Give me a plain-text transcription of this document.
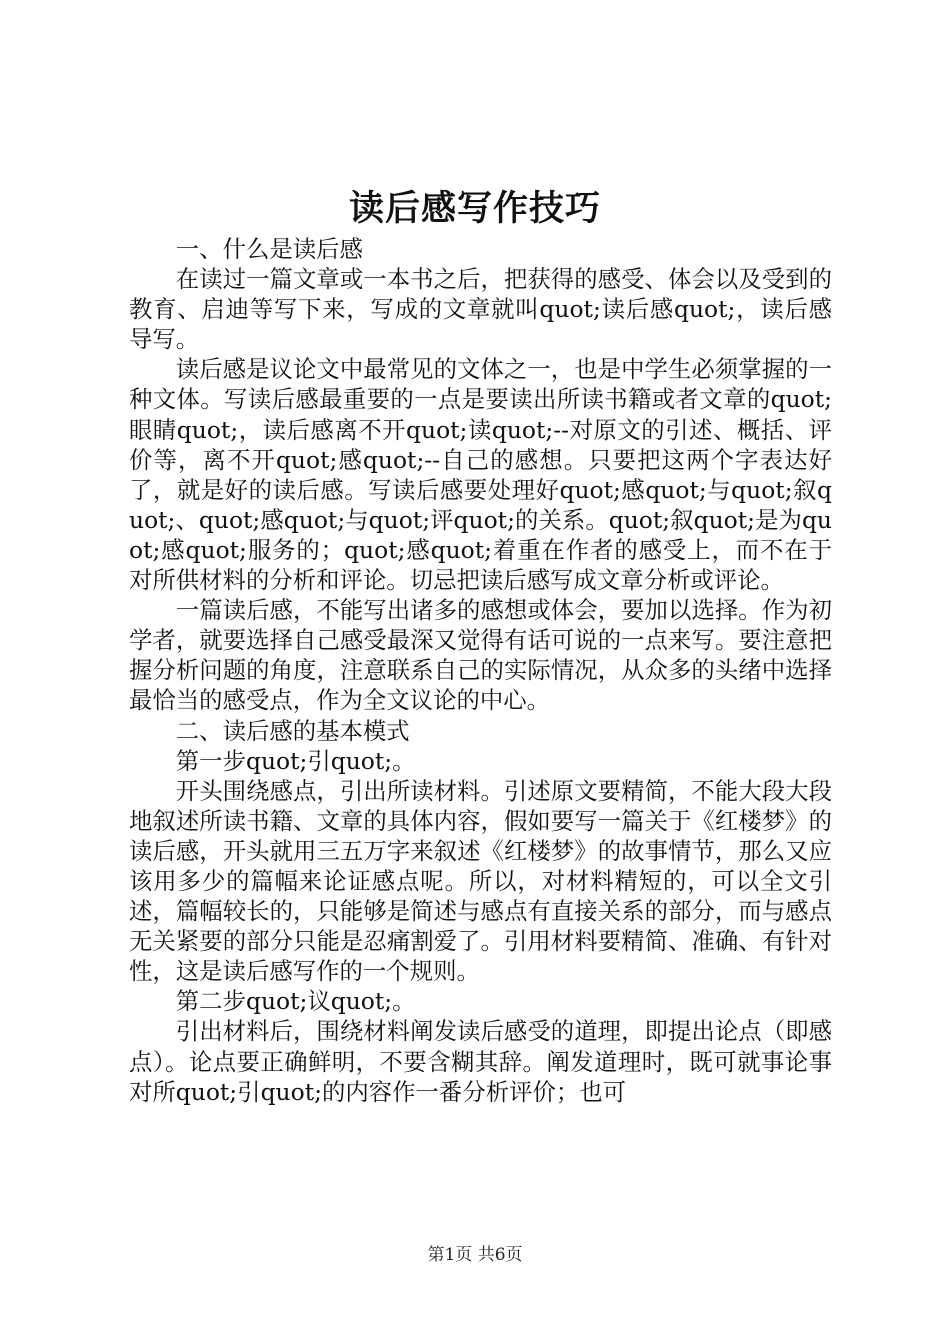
读后感写作技巧

一、什么是读后感

在读过一篇文章或一本书之后，把获得的感受、体会以及受到的教育、启迪等写下来，写成的文章就叫quot;读后感quot;，读后感导写。

读后感是议论文中最常见的文体之一，也是中学生必须掌握的一种文体。写读后感最重要的一点是要读出所读书籍或者文章的quot;眼睛quot;，读后感离不开quot;读quot;--对原文的引述、概括、评价等，离不开quot;感quot;--自己的感想。只要把这两个字表达好了，就是好的读后感。写读后感要处理好quot;感quot;与quot;叙quot;、quot;感quot;与quot;评quot;的关系。quot;叙quot;是为quot;感quot;服务的；quot;感quot;着重在作者的感受上，而不在于对所供材料的分析和评论。切忌把读后感写成文章分析或评论。

一篇读后感，不能写出诸多的感想或体会，要加以选择。作为初学者，就要选择自己感受最深又觉得有话可说的一点来写。要注意把握分析问题的角度，注意联系自己的实际情况，从众多的头绪中选择最恰当的感受点，作为全文议论的中心。

二、读后感的基本模式

第一步quot;引quot;。

开头围绕感点，引出所读材料。引述原文要精简，不能大段大段地叙述所读书籍、文章的具体内容，假如要写一篇关于《红楼梦》的读后感，开头就用三五万字来叙述《红楼梦》的故事情节，那么又应该用多少的篇幅来论证感点呢。所以，对材料精短的，可以全文引述，篇幅较长的，只能够是简述与感点有直接关系的部分，而与感点无关紧要的部分只能是忍痛割爱了。引用材料要精简、准确、有针对性，这是读后感写作的一个规则。

第二步quot;议quot;。

引出材料后，围绕材料阐发读后感受的道理，即提出论点（即感点）。论点要正确鲜明，不要含糊其辞。阐发道理时，既可就事论事对所quot;引quot;的内容作一番分析评价；也可

第1页 共6页
